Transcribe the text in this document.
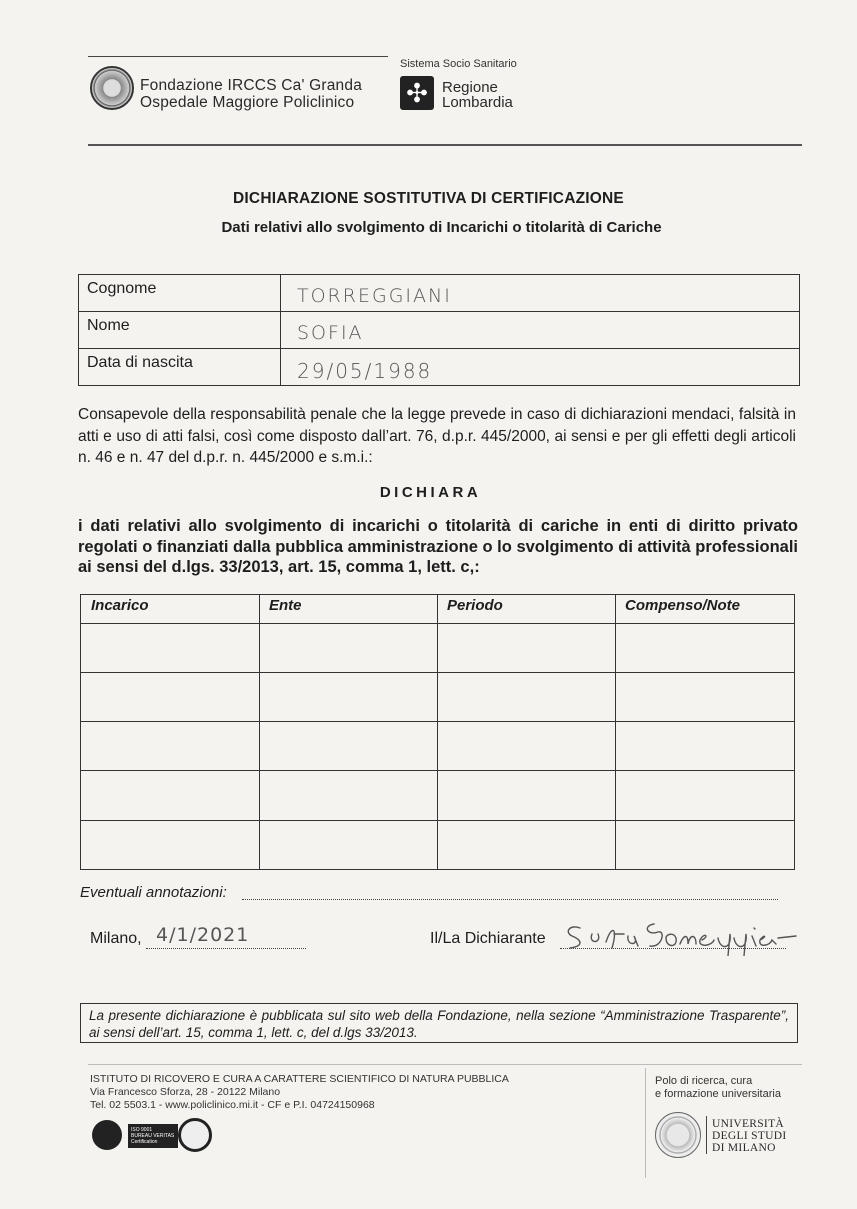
Fondazione IRCCS Ca' Granda
Ospedale Maggiore Policlinico
Sistema Socio Sanitario
✣ Regione
Lombardia
DICHIARAZIONE SOSTITUTIVA DI CERTIFICAZIONE
Dati relativi allo svolgimento di Incarichi o titolarità di Cariche
Cognome	TORREGGIANI
Nome	SOFIA
Data di nascita	29/05/1988
Consapevole della responsabilità penale che la legge prevede in caso di dichiarazioni mendaci, falsità in atti e uso di atti falsi, così come disposto dall’art. 76, d.p.r. 445/2000, ai sensi e per gli effetti degli articoli n. 46 e n. 47 del d.p.r. n. 445/2000 e s.m.i.:
DICHIARA
i dati relativi allo svolgimento di incarichi o titolarità di cariche in enti di diritto privato regolati o finanziati dalla pubblica amministrazione o lo svolgimento di attività professionali ai sensi del d.lgs. 33/2013, art. 15, comma 1, lett. c,:
Incarico	Ente	Periodo	Compenso/Note
Eventuali annotazioni:
Milano, 4/1/2021	Il/La Dichiarante
La presente dichiarazione è pubblicata sul sito web della Fondazione, nella sezione “Amministrazione Trasparente”, ai sensi dell’art. 15, comma 1, lett. c, del d.lgs 33/2013.
ISTITUTO DI RICOVERO E CURA A CARATTERE SCIENTIFICO DI NATURA PUBBLICA
Via Francesco Sforza, 28 - 20122 Milano
Tel. 02 5503.1 - www.policlinico.mi.it - CF e P.I. 04724150968
ISO 9001
BUREAU VERITAS
Certification
Polo di ricerca, cura
e formazione universitaria
UNIVERSITÀ
DEGLI STUDI
DI MILANO
